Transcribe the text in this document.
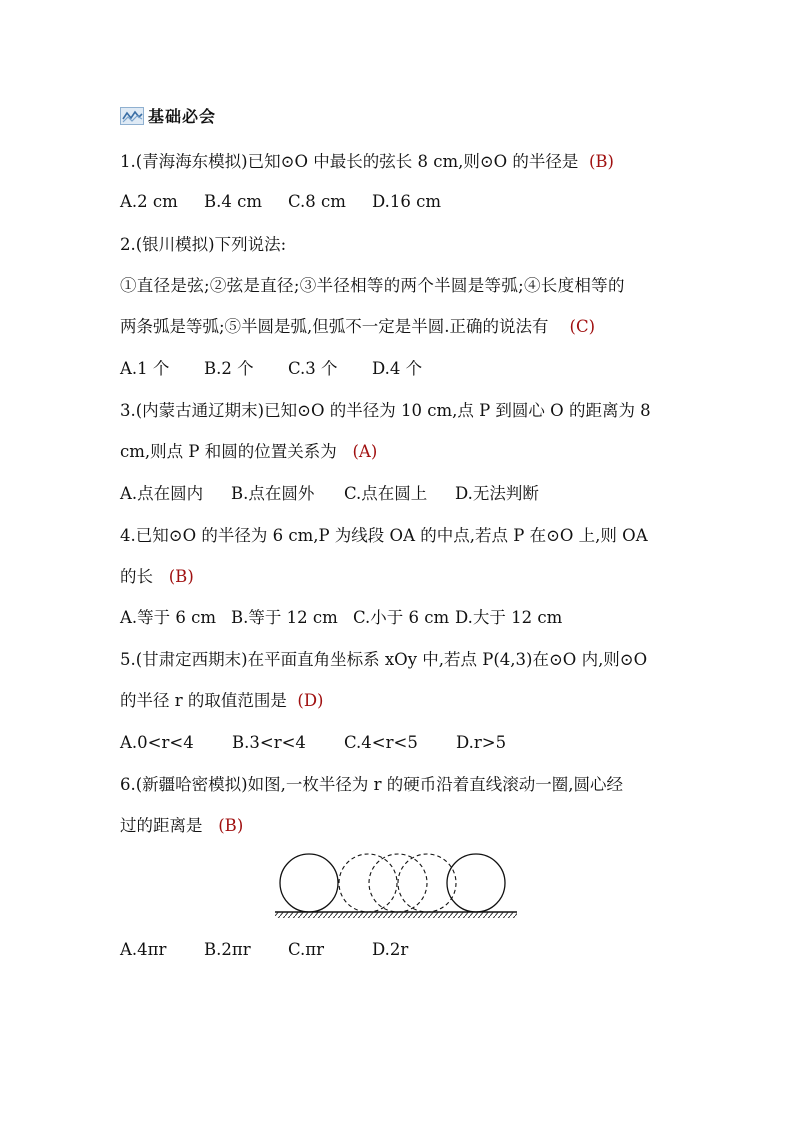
基础必会
1.(青海海东模拟)已知⊙O 中最长的弦长 8 cm,则⊙O 的半径是 (B)
A.2 cm	B.4 cm	C.8 cm	D.16 cm
2.(银川模拟)下列说法:
①直径是弦;②弦是直径;③半径相等的两个半圆是等弧;④长度相等的
两条弧是等弧;⑤半圆是弧,但弧不一定是半圆.正确的说法有 (C)
A.1 个	B.2 个	C.3 个	D.4 个
3.(内蒙古通辽期末)已知⊙O 的半径为 10 cm,点 P 到圆心 O 的距离为 8
cm,则点 P 和圆的位置关系为 (A)
A.点在圆内	B.点在圆外	C.点在圆上	D.无法判断
4.已知⊙O 的半径为 6 cm,P 为线段 OA 的中点,若点 P 在⊙O 上,则 OA
的长 (B)
A.等于 6 cm B.等于 12 cm C.小于 6 cm D.大于 12 cm
5.(甘肃定西期末)在平面直角坐标系 xOy 中,若点 P(4,3)在⊙O 内,则⊙O
的半径 r 的取值范围是 (D)
A.0<r<4	B.3<r<4	C.4<r<5	D.r>5
6.(新疆哈密模拟)如图,一枚半径为 r 的硬币沿着直线滚动一圈,圆心经
过的距离是 (B)
A.4πr	B.2πr	C.πr	D.2r
